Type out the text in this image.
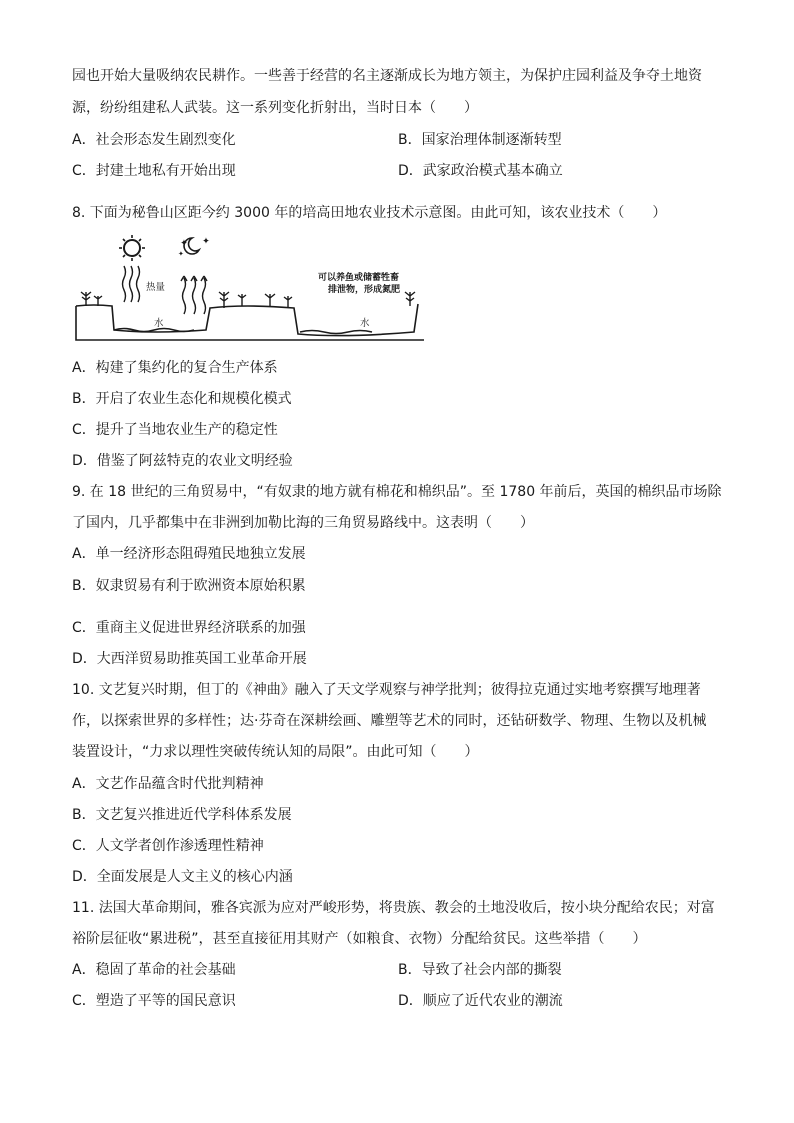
园也开始大量吸纳农民耕作。一些善于经营的名主逐渐成长为地方领主，为保护庄园利益及争夺土地资
源，纷纷组建私人武装。这一系列变化折射出，当时日本（　　）
A．社会形态发生剧烈变化	B．国家治理体制逐渐转型
C．封建土地私有开始出现	D．武家政治模式基本确立
8. 下面为秘鲁山区距今约 3000 年的培高田地农业技术示意图。由此可知，该农业技术（　　）
✦ ✦
✦
热量
水	水
可以养鱼或储蓄牲畜
排泄物，形成氮肥
A．构建了集约化的复合生产体系
B．开启了农业生态化和规模化模式
C．提升了当地农业生产的稳定性
D．借鉴了阿兹特克的农业文明经验
9. 在 18 世纪的三角贸易中，“有奴隶的地方就有棉花和棉织品”。至 1780 年前后，英国的棉织品市场除
了国内，几乎都集中在非洲到加勒比海的三角贸易路线中。这表明（　　）
A．单一经济形态阻碍殖民地独立发展
B．奴隶贸易有利于欧洲资本原始积累
C．重商主义促进世界经济联系的加强
D．大西洋贸易助推英国工业革命开展
10. 文艺复兴时期，但丁的《神曲》融入了天文学观察与神学批判；彼得拉克通过实地考察撰写地理著
作，以探索世界的多样性；达·芬奇在深耕绘画、雕塑等艺术的同时，还钻研数学、物理、生物以及机械
装置设计，“力求以理性突破传统认知的局限”。由此可知（　　）
A．文艺作品蕴含时代批判精神
B．文艺复兴推进近代学科体系发展
C．人文学者创作渗透理性精神
D．全面发展是人文主义的核心内涵
11. 法国大革命期间，雅各宾派为应对严峻形势，将贵族、教会的土地没收后，按小块分配给农民；对富
裕阶层征收“累进税”，甚至直接征用其财产（如粮食、衣物）分配给贫民。这些举措（　　）
A．稳固了革命的社会基础	B．导致了社会内部的撕裂
C．塑造了平等的国民意识	D．顺应了近代农业的潮流
